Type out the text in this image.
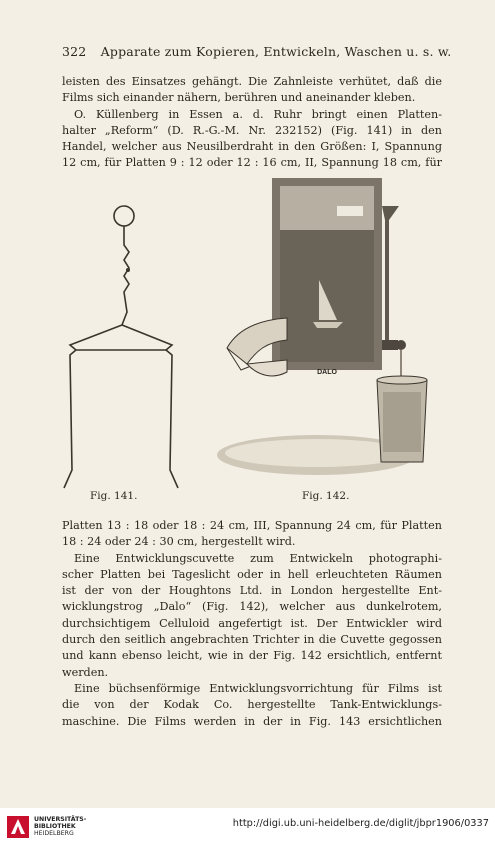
322 Apparate zum Kopieren, Entwickeln, Waschen u. s. w.
leisten des Einsatzes gehängt. Die Zahnleiste verhütet, daß die
Films sich einander nähern, berühren und aneinander kleben.
O. Küllenberg in Essen a. d. Ruhr bringt einen Platten-
halter „Reform“ (D. R.-G.-M. Nr. 232152) (Fig. 141) in den
Handel, welcher aus Neusilberdraht in den Größen: I, Spannung
12 cm, für Platten 9 : 12 oder 12 : 16 cm, II, Spannung 18 cm, für
DALO
Fig. 141.	Fig. 142.
Platten 13 : 18 oder 18 : 24 cm, III, Spannung 24 cm, für Platten
18 : 24 oder 24 : 30 cm, hergestellt wird.
Eine Entwicklungscuvette zum Entwickeln photographi-
scher Platten bei Tageslicht oder in hell erleuchteten Räumen
ist der von der Houghtons Ltd. in London hergestellte Ent-
wicklungstrog „Dalo“ (Fig. 142), welcher aus dunkelrotem,
durchsichtigem Celluloid angefertigt ist. Der Entwickler wird
durch den seitlich angebrachten Trichter in die Cuvette gegossen
und kann ebenso leicht, wie in der Fig. 142 ersichtlich, entfernt
werden.
Eine büchsenförmige Entwicklungsvorrichtung für Films ist
die von der Kodak Co. hergestellte Tank-Entwicklungs-
maschine. Die Films werden in der in Fig. 143 ersichtlichen
UNIVERSITÄTS-
BIBLIOTHEK
HEIDELBERG
http://digi.ub.uni-heidelberg.de/diglit/jbpr1906/0337
